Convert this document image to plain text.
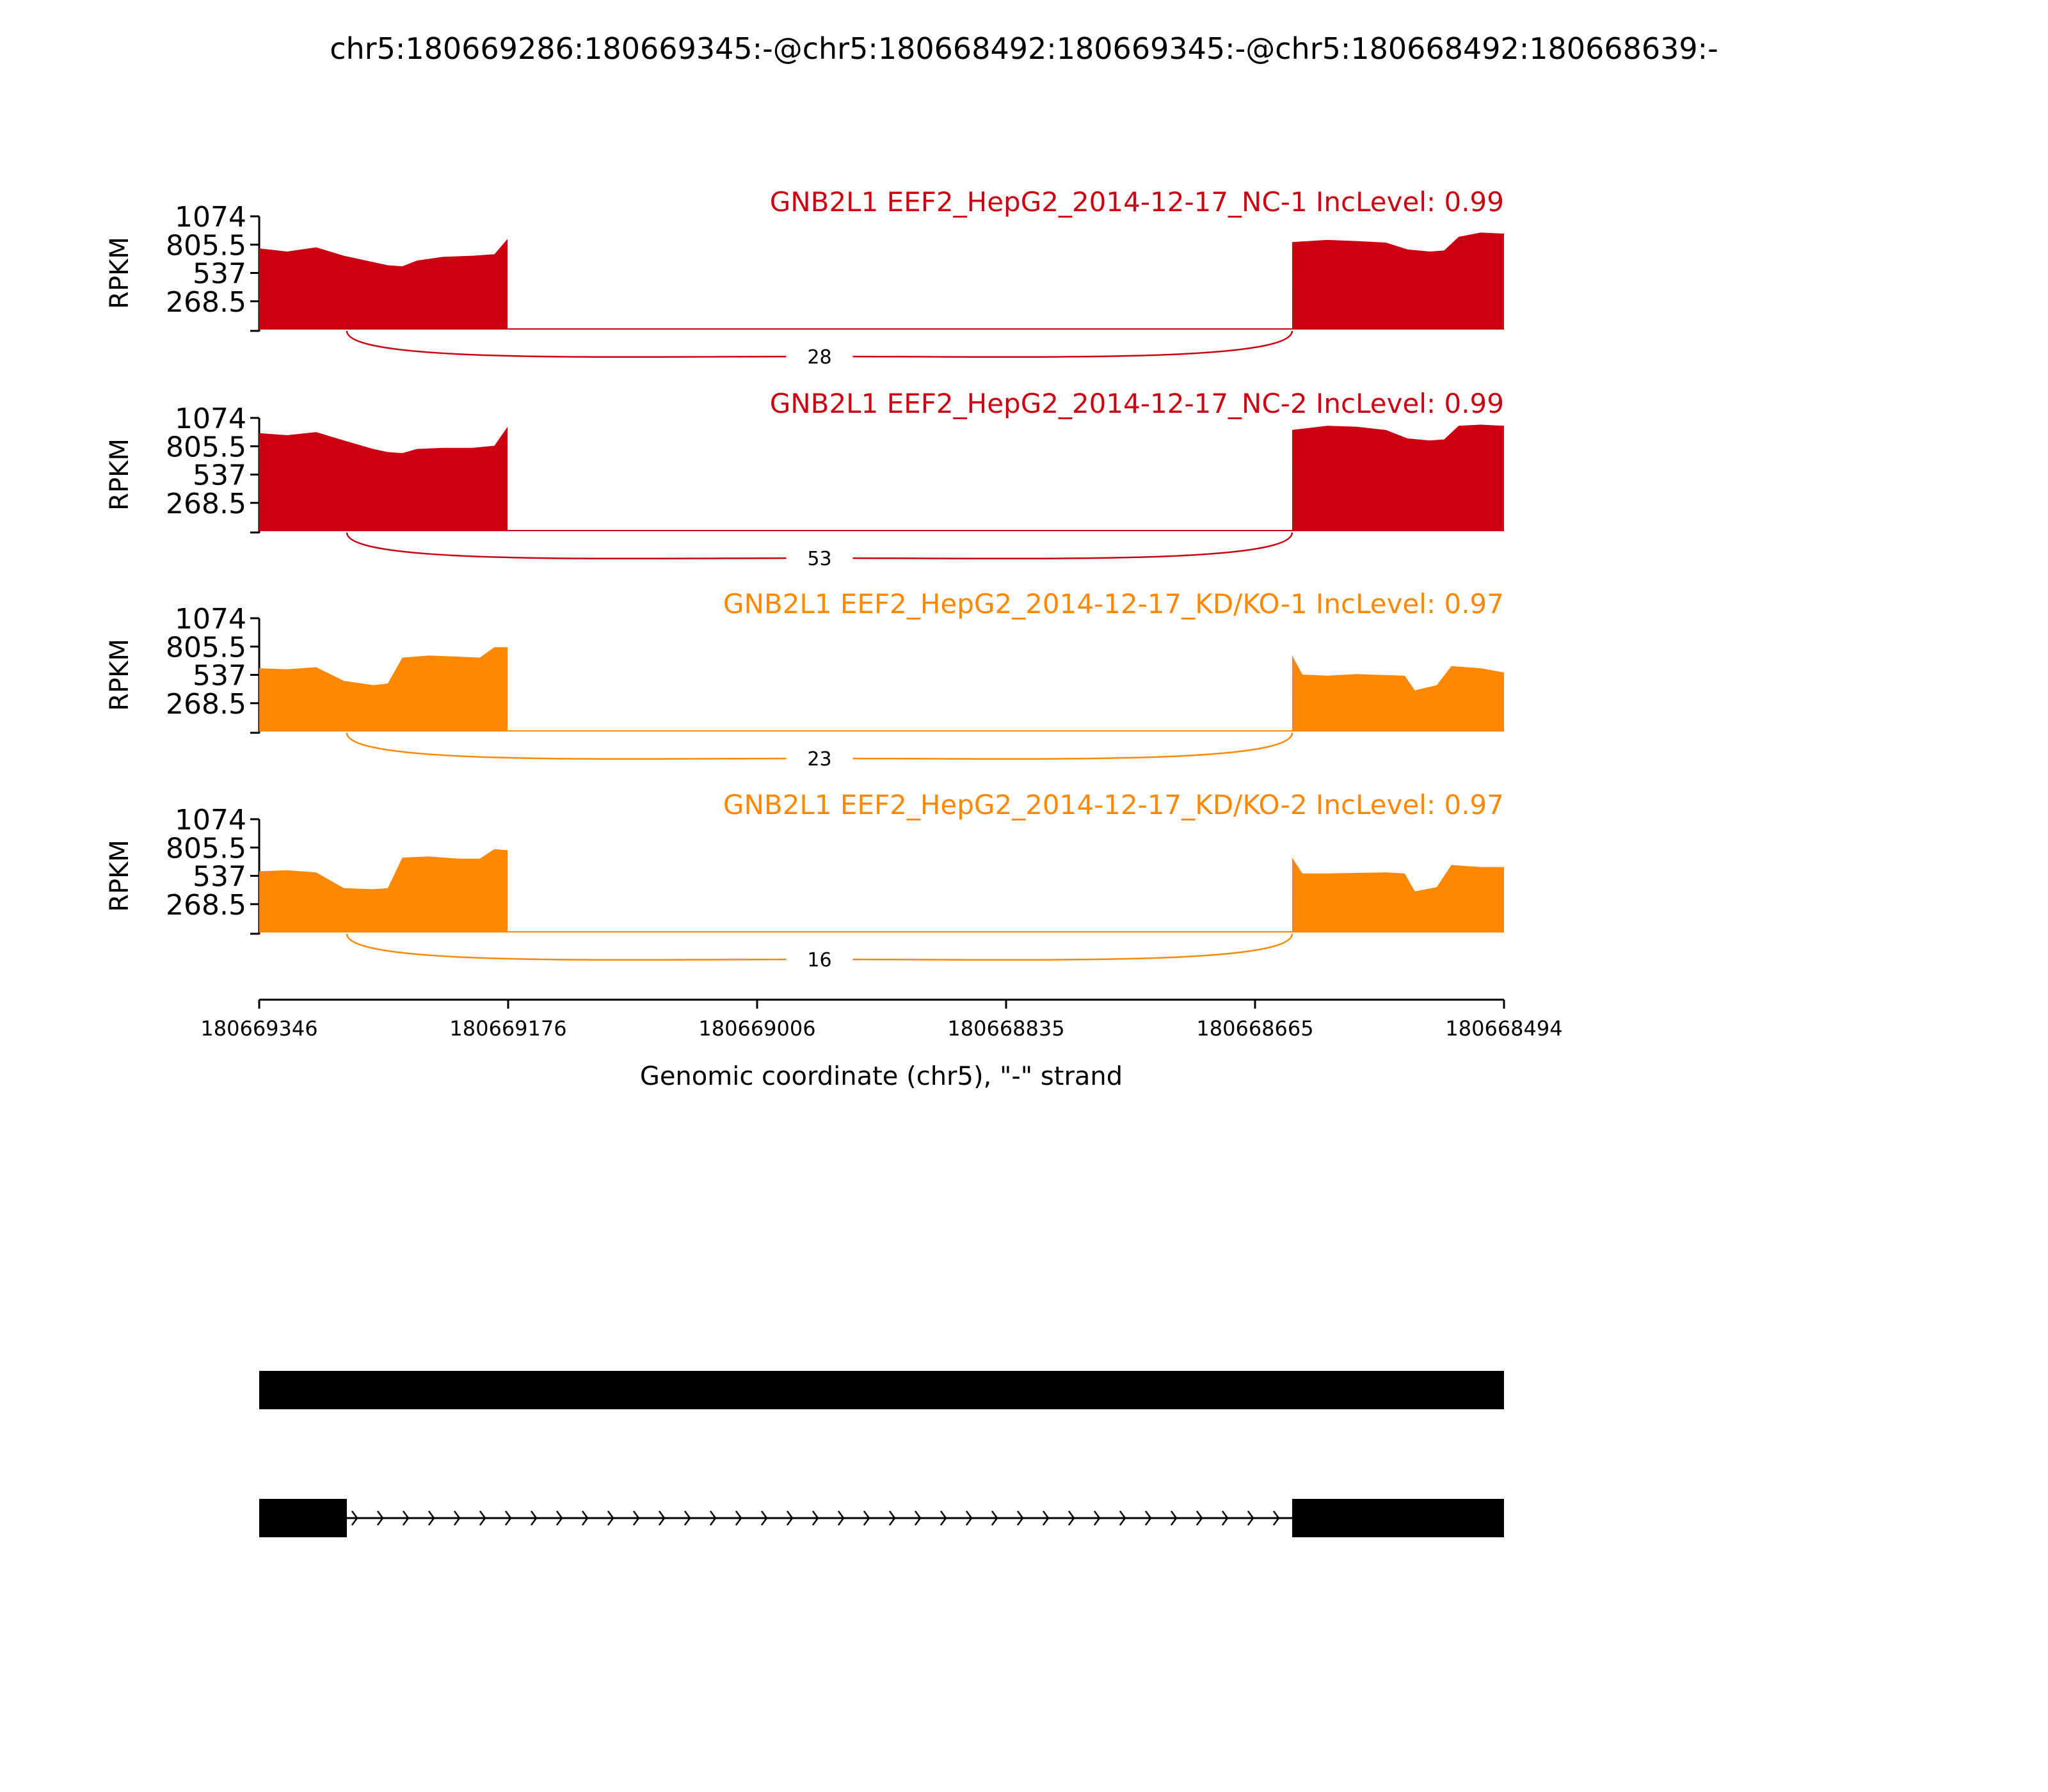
chr5:180669286:180669345:-@chr5:180668492:180669345:-@chr5:180668492:180668639:-
268.5
537
805.5
1074
RPKM
28
GNB2L1 EEF2_HepG2_2014-12-17_NC-1 IncLevel: 0.99
268.5
537
805.5
1074
RPKM
53
GNB2L1 EEF2_HepG2_2014-12-17_NC-2 IncLevel: 0.99
268.5
537
805.5
1074
RPKM
23
GNB2L1 EEF2_HepG2_2014-12-17_KD/KO-1 IncLevel: 0.97
268.5
537
805.5
1074
RPKM
16
GNB2L1 EEF2_HepG2_2014-12-17_KD/KO-2 IncLevel: 0.97
180669346	180669176	180669006	180668835	180668665	180668494
Genomic coordinate (chr5), "-" strand
